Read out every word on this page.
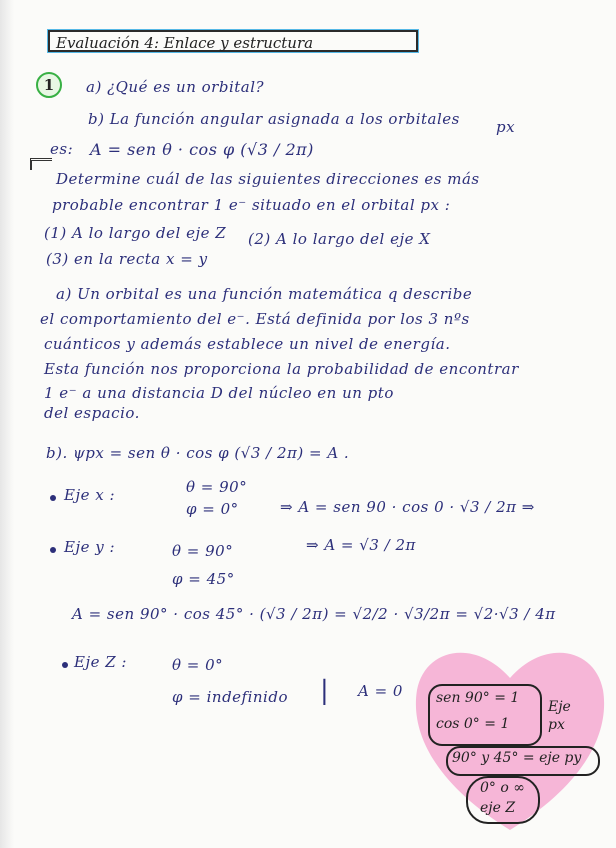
Evaluación 4: Enlace y estructura
1	a) ¿Qué es un orbital?
b) La función angular asignada a los orbitales px
es: A = sen θ · cos φ (√3 / 2π)
Determine cuál de las siguientes direcciones es más
probable encontrar 1 e⁻ situado en el orbital px :
(1) A lo largo del eje Z (2) A lo largo del eje X
(3) en la recta x = y
a) Un orbital es una función matemática q describe
el comportamiento del e⁻. Está definida por los 3 nºs
cuánticos y además establece un nivel de energía.
Esta función nos proporciona la probabilidad de encontrar
1 e⁻ a una distancia D del núcleo en un pto
del espacio.
b). ψpx = sen θ · cos φ (√3 / 2π) = A .
Eje x :	θ = 90°
φ = 0°	⇒ A = sen 90 · cos 0 · √3 / 2π ⇒
Eje y :	θ = 90°
φ = 45°
⇒ A = √3 / 2π
A = sen 90° · cos 45° · (√3 / 2π) = √2/2 · √3/2π = √2·√3 / 4π
Eje Z :	θ = 0°
φ = indefinido | A = 0 sen 90° = 1
cos 0° = 1
Eje px
90° y 45° = eje py
0° o ∞
eje Z
